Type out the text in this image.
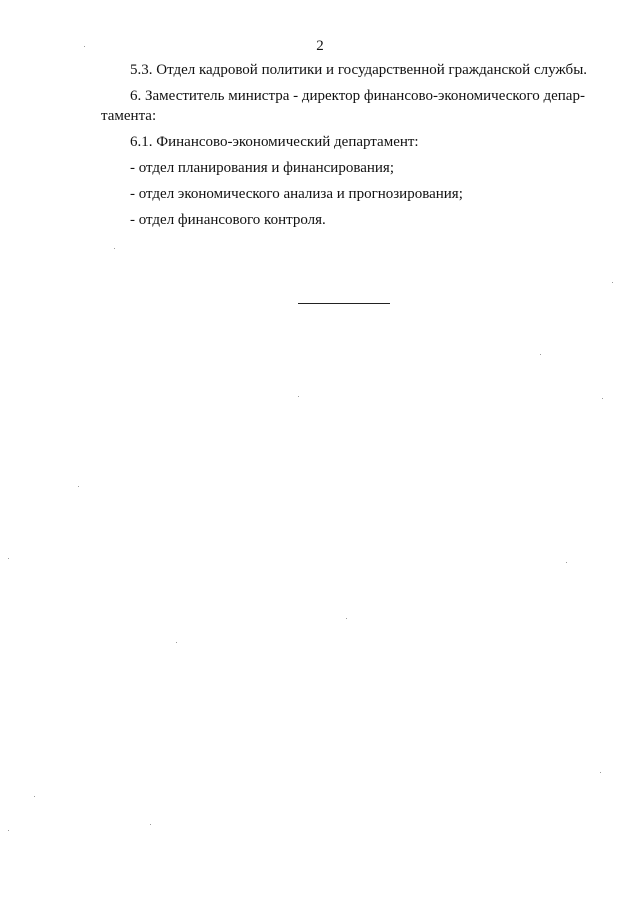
2
5.3. Отдел кадровой политики и государственной гражданской службы.
6. Заместитель министра - директор финансово-экономического депар-
тамента:
6.1. Финансово-экономический департамент:
- отдел планирования и финансирования;
- отдел экономического анализа и прогнозирования;
- отдел финансового контроля.
